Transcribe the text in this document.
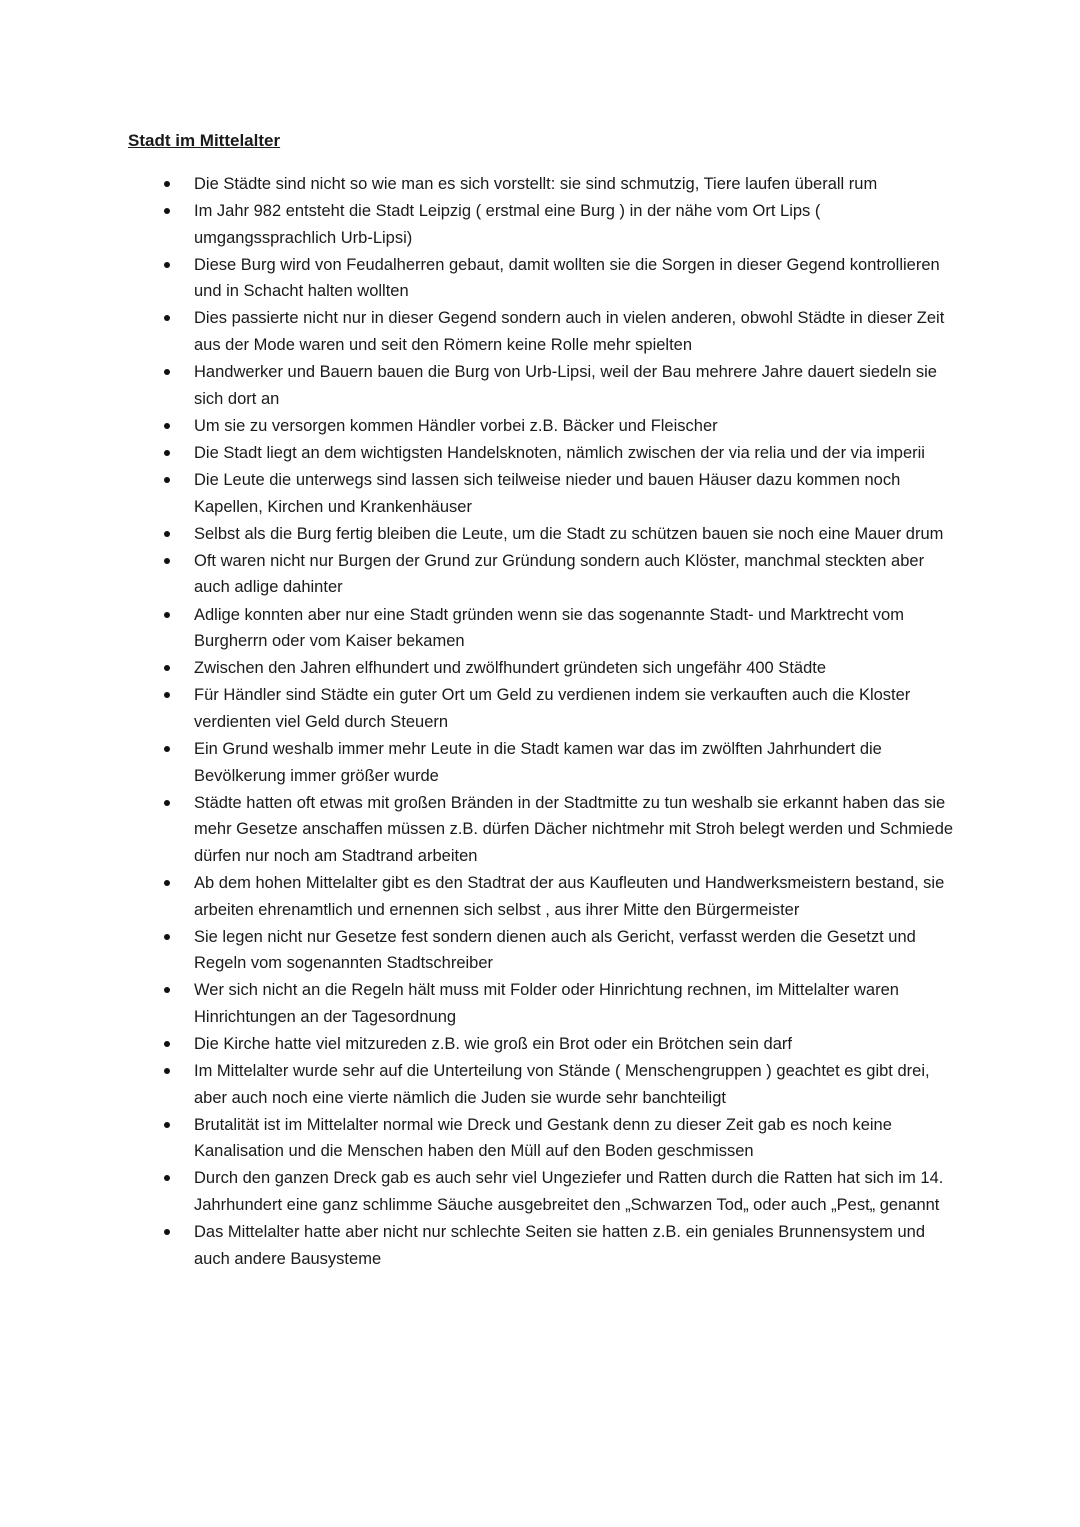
Stadt im Mittelalter
Die Städte sind nicht so wie man es sich vorstellt: sie sind schmutzig, Tiere laufen überall rum
Im Jahr 982 entsteht die Stadt Leipzig ( erstmal eine Burg ) in der nähe vom Ort Lips ( umgangssprachlich Urb-Lipsi)
Diese Burg wird von Feudalherren gebaut, damit wollten sie die Sorgen in dieser Gegend kontrollieren und in Schacht halten wollten
Dies passierte nicht nur in dieser Gegend sondern auch in vielen anderen, obwohl Städte in dieser Zeit aus der Mode waren und seit den Römern keine Rolle mehr spielten
Handwerker und Bauern bauen die Burg von Urb-Lipsi, weil der Bau mehrere Jahre dauert siedeln sie sich dort an
Um sie zu versorgen kommen Händler vorbei z.B. Bäcker und Fleischer
Die Stadt liegt an dem wichtigsten Handelsknoten, nämlich zwischen der via relia und der via imperii
Die Leute die unterwegs sind lassen sich teilweise nieder und bauen Häuser dazu kommen noch Kapellen, Kirchen und Krankenhäuser
Selbst als die Burg fertig bleiben die Leute, um die Stadt zu schützen bauen sie noch eine Mauer drum
Oft waren nicht nur Burgen der Grund zur Gründung sondern auch Klöster, manchmal steckten aber auch adlige dahinter
Adlige konnten aber nur eine Stadt gründen wenn sie das sogenannte Stadt- und Marktrecht vom Burgherrn oder vom Kaiser bekamen
Zwischen den Jahren elfhundert und zwölfhundert gründeten sich ungefähr 400 Städte
Für Händler sind Städte ein guter Ort um Geld zu verdienen indem sie verkauften auch die Kloster verdienten viel Geld durch Steuern
Ein Grund weshalb immer mehr Leute in die Stadt kamen war das im zwölften Jahrhundert die Bevölkerung immer größer wurde
Städte hatten oft etwas mit großen Bränden in der Stadtmitte zu tun weshalb sie erkannt haben das sie mehr Gesetze anschaffen müssen z.B. dürfen Dächer nichtmehr mit Stroh belegt werden und Schmiede dürfen nur noch am Stadtrand arbeiten
Ab dem hohen Mittelalter gibt es den Stadtrat der aus Kaufleuten und Handwerksmeistern bestand, sie arbeiten ehrenamtlich und ernennen sich selbst , aus ihrer Mitte den Bürgermeister
Sie legen nicht nur Gesetze fest sondern dienen auch als Gericht, verfasst werden die Gesetzt und Regeln vom sogenannten Stadtschreiber
Wer sich nicht an die Regeln hält muss mit Folder oder Hinrichtung rechnen, im Mittelalter waren Hinrichtungen an der Tagesordnung
Die Kirche hatte viel mitzureden z.B. wie groß ein Brot oder ein Brötchen sein darf
Im Mittelalter wurde sehr auf die Unterteilung von Stände ( Menschengruppen ) geachtet es gibt drei, aber auch noch eine vierte nämlich die Juden sie wurde sehr banchteiligt
Brutalität ist im Mittelalter normal wie Dreck und Gestank denn zu dieser Zeit gab es noch keine Kanalisation und die Menschen haben den Müll auf den Boden geschmissen
Durch den ganzen Dreck gab es auch sehr viel Ungeziefer und Ratten durch die Ratten hat sich im 14. Jahrhundert eine ganz schlimme Säuche ausgebreitet den „Schwarzen Tod„ oder auch „Pest„ genannt
Das Mittelalter hatte aber nicht nur schlechte Seiten sie hatten z.B. ein geniales Brunnensystem und auch andere Bausysteme
